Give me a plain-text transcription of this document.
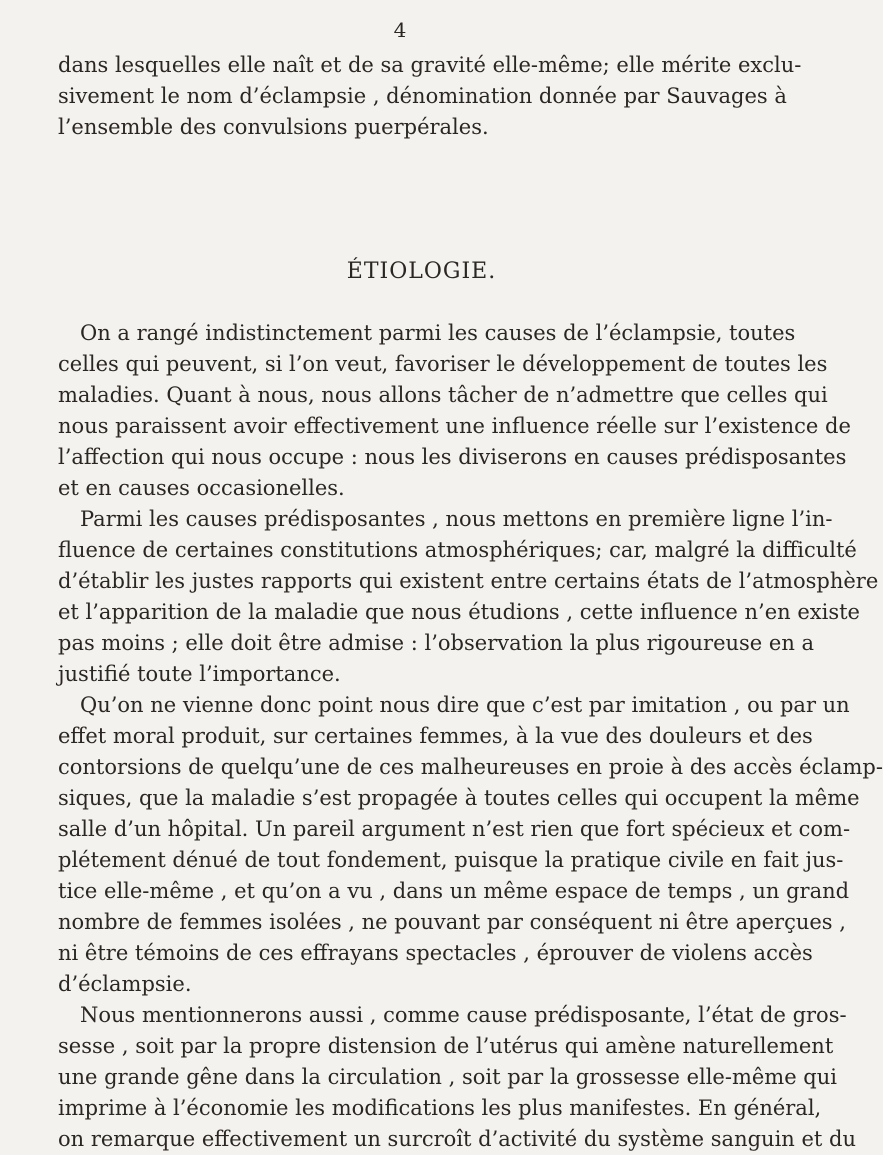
4
dans lesquelles elle naît et de sa gravité elle-même; elle mérite exclu-
sivement le nom d’éclampsie , dénomination donnée par Sauvages à
l’ensemble des convulsions puerpérales.
ÉTIOLOGIE.
On a rangé indistinctement parmi les causes de l’éclampsie, toutes
celles qui peuvent, si l’on veut, favoriser le développement de toutes les
maladies. Quant à nous, nous allons tâcher de n’admettre que celles qui
nous paraissent avoir effectivement une influence réelle sur l’existence de
l’affection qui nous occupe : nous les diviserons en causes prédisposantes
et en causes occasionelles.
Parmi les causes prédisposantes , nous mettons en première ligne l’in-
fluence de certaines constitutions atmosphériques; car, malgré la difficulté
d’établir les justes rapports qui existent entre certains états de l’atmosphère
et l’apparition de la maladie que nous étudions , cette influence n’en existe
pas moins ; elle doit être admise : l’observation la plus rigoureuse en a
justifié toute l’importance.
Qu’on ne vienne donc point nous dire que c’est par imitation , ou par un
effet moral produit, sur certaines femmes, à la vue des douleurs et des
contorsions de quelqu’une de ces malheureuses en proie à des accès éclamp-
siques, que la maladie s’est propagée à toutes celles qui occupent la même
salle d’un hôpital. Un pareil argument n’est rien que fort spécieux et com-
plétement dénué de tout fondement, puisque la pratique civile en fait jus-
tice elle-même , et qu’on a vu , dans un même espace de temps , un grand
nombre de femmes isolées , ne pouvant par conséquent ni être aperçues ,
ni être témoins de ces effrayans spectacles , éprouver de violens accès
d’éclampsie.
Nous mentionnerons aussi , comme cause prédisposante, l’état de gros-
sesse , soit par la propre distension de l’utérus qui amène naturellement
une grande gêne dans la circulation , soit par la grossesse elle-même qui
imprime à l’économie les modifications les plus manifestes. En général,
on remarque effectivement un surcroît d’activité du système sanguin et du
